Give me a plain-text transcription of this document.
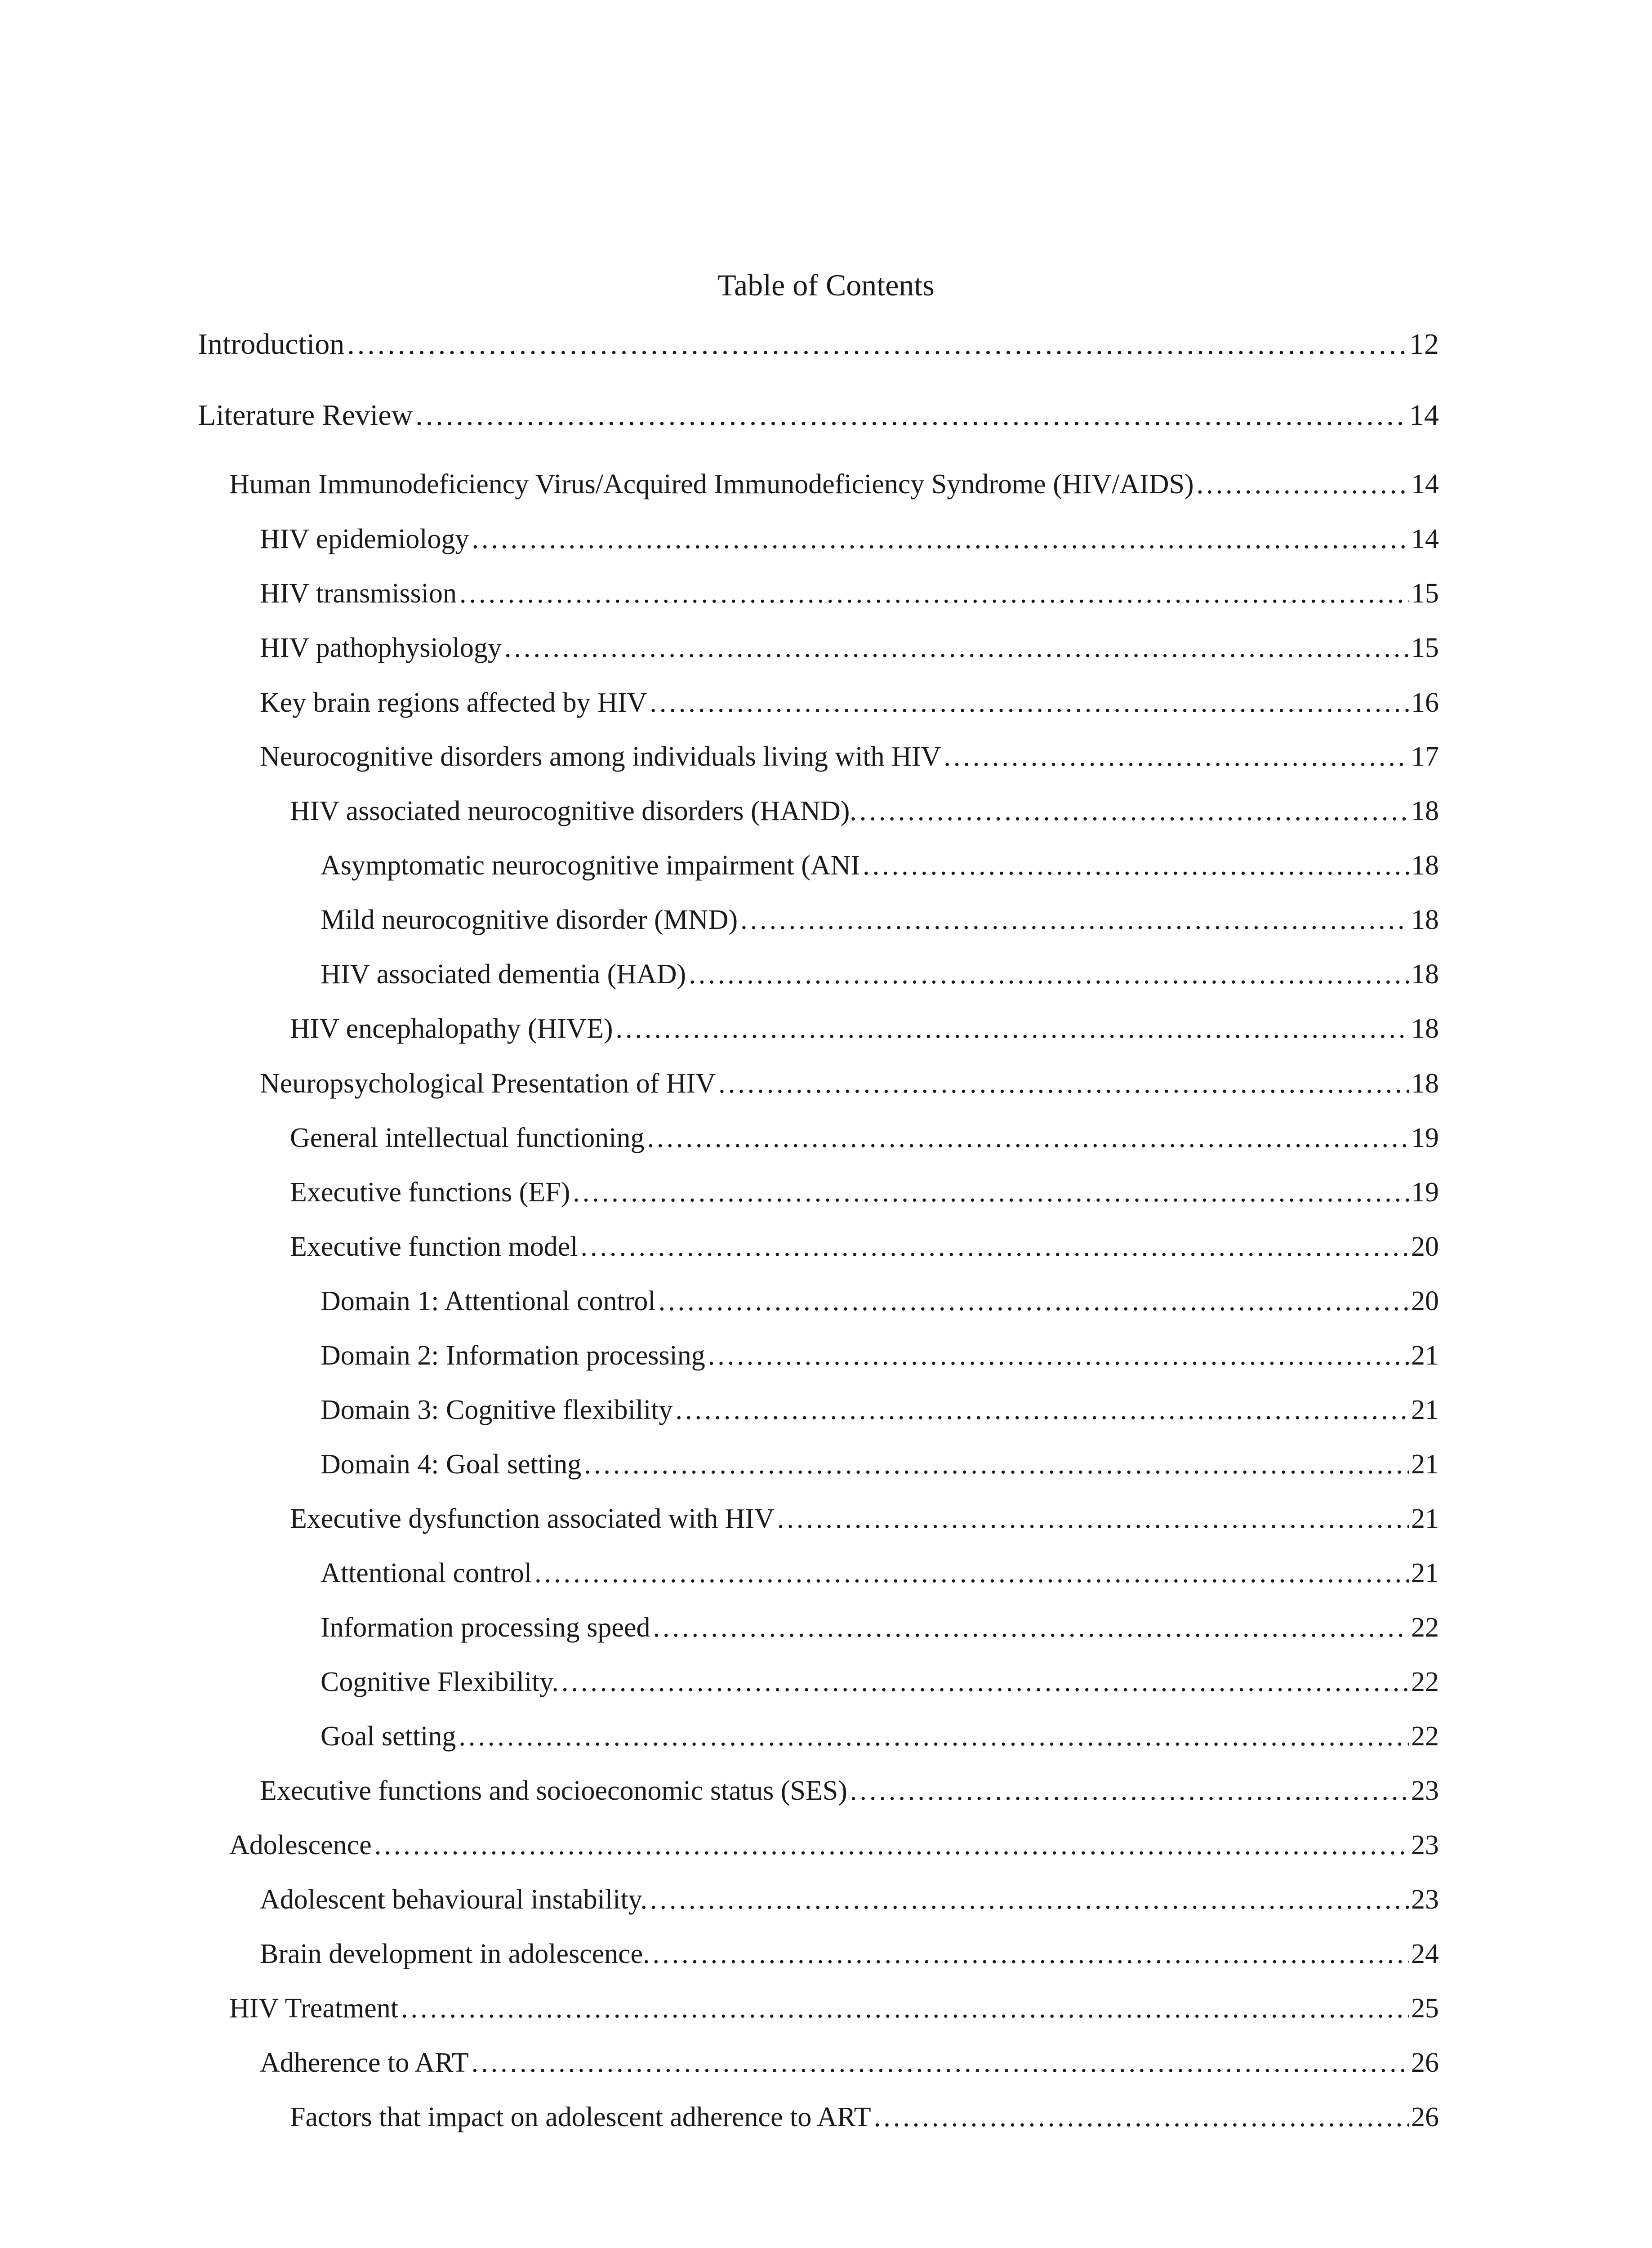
Table of Contents
Introduction .....	12
Literature Review .....	14
Human Immunodeficiency Virus/Acquired Immunodeficiency Syndrome (HIV/AIDS) .....	14
HIV epidemiology .....	14
HIV transmission .....	15
HIV pathophysiology .....	15
Key brain regions affected by HIV .....	16
Neurocognitive disorders among individuals living with HIV .....	17
HIV associated neurocognitive disorders (HAND). .....	18
Asymptomatic neurocognitive impairment (ANI .....	18
Mild neurocognitive disorder (MND) .....	18
HIV associated dementia (HAD) .....	18
HIV encephalopathy (HIVE) .....	18
Neuropsychological Presentation of HIV .....	18
General intellectual functioning .....	19
Executive functions (EF) .....	19
Executive function model .....	20
Domain 1: Attentional control .....	20
Domain 2: Information processing .....	21
Domain 3: Cognitive flexibility .....	21
Domain 4: Goal setting .....	21
Executive dysfunction associated with HIV .....	21
Attentional control .....	21
Information processing speed .....	22
Cognitive Flexibility. .....	22
Goal setting .....	22
Executive functions and socioeconomic status (SES) .....	23
Adolescence .....	23
Adolescent behavioural instability. .....	23
Brain development in adolescence. .....	24
HIV Treatment .....	25
Adherence to ART .....	26
Factors that impact on adolescent adherence to ART .....	26
